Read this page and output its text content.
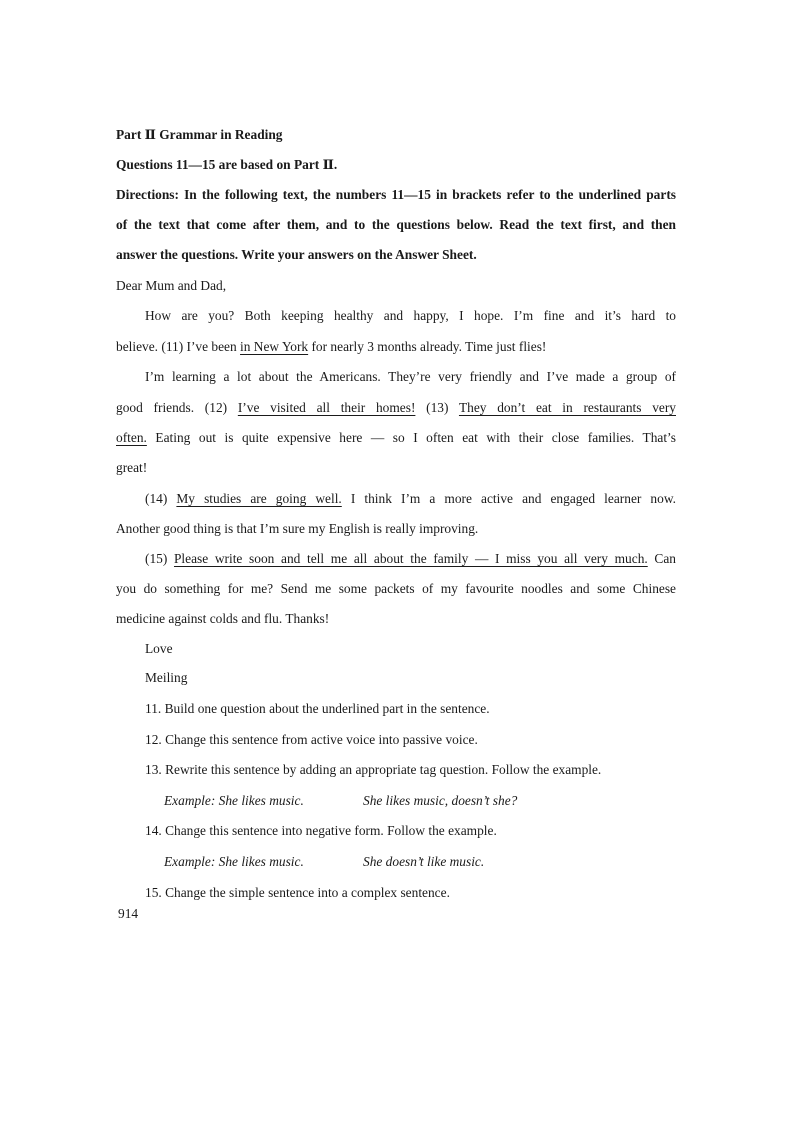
Part Ⅱ Grammar in Reading
Questions 11—15 are based on Part Ⅱ.
Directions: In the following text, the numbers 11—15 in brackets refer to the underlined parts
of the text that come after them, and to the questions below. Read the text first, and then
answer the questions. Write your answers on the Answer Sheet.
Dear Mum and Dad,
How are you? Both keeping healthy and happy, I hope. I’m fine and it’s hard to
believe. (11) I’ve been in New York for nearly 3 months already. Time just flies!
I’m learning a lot about the Americans. They’re very friendly and I’ve made a group of
good friends. (12) I’ve visited all their homes! (13) They don’t eat in restaurants very
often. Eating out is quite expensive here — so I often eat with their close families. That’s
great!
(14) My studies are going well. I think I’m a more active and engaged learner now.
Another good thing is that I’m sure my English is really improving.
(15) Please write soon and tell me all about the family — I miss you all very much. Can
you do something for me? Send me some packets of my favourite noodles and some Chinese
medicine against colds and flu. Thanks!
Love
Meiling
11. Build one question about the underlined part in the sentence.
12. Change this sentence from active voice into passive voice.
13. Rewrite this sentence by adding an appropriate tag question. Follow the example.
Example: She likes music.	She likes music, doesn’t she?
14. Change this sentence into negative form. Follow the example.
Example: She likes music.	She doesn’t like music.
15. Change the simple sentence into a complex sentence.
914
